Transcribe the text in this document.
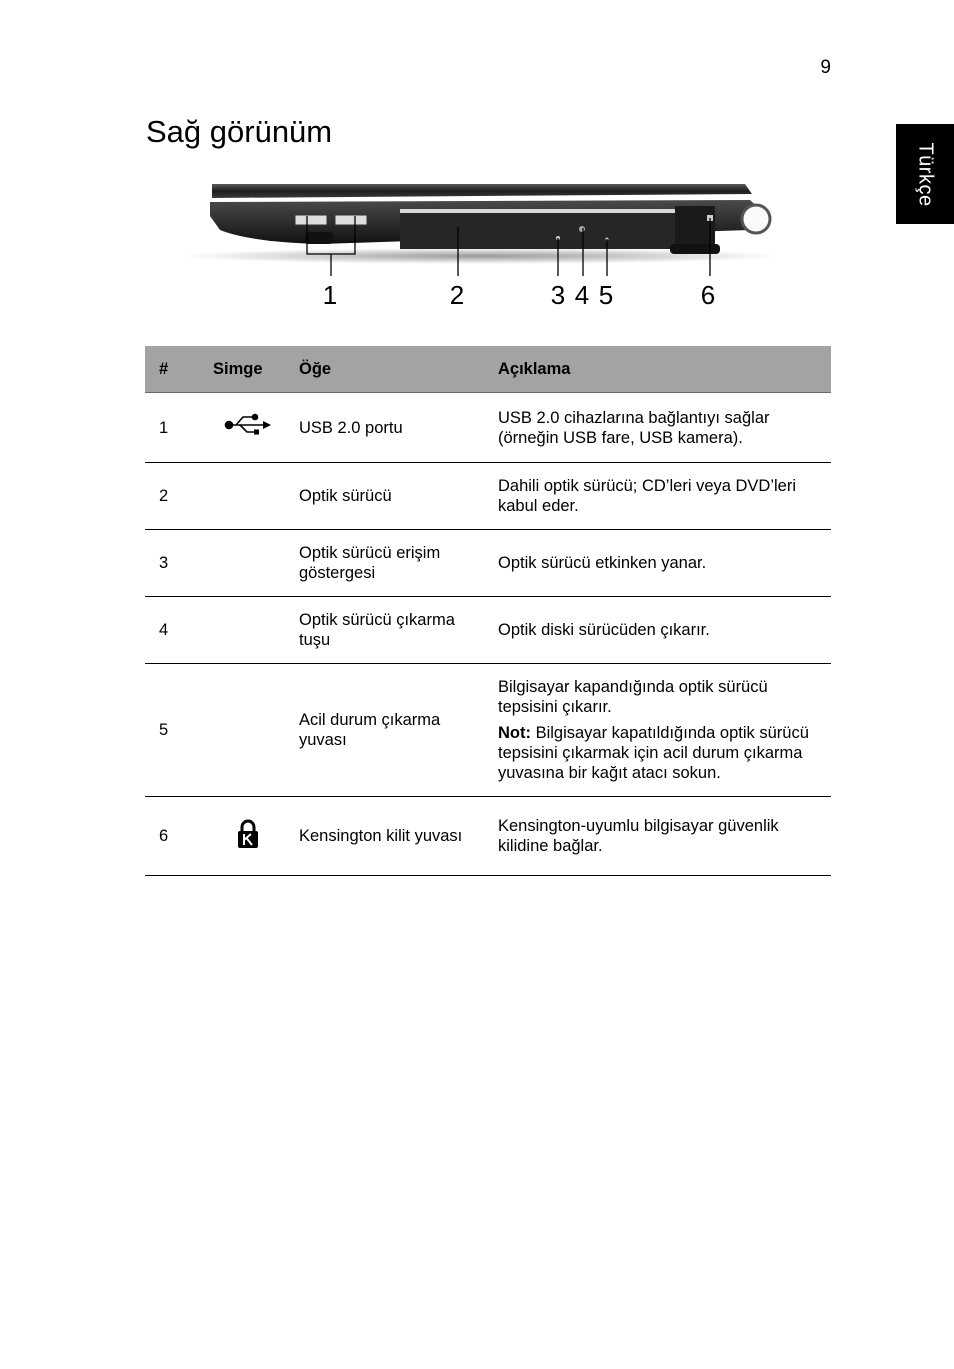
9
Türkçe
Sağ görünüm
1	2	3 4 5	6
#	Simge	Öğe	Açıklama
1		USB 2.0 portu	USB 2.0 cihazlarına bağlantıyı sağlar (örneğin USB fare, USB kamera).
2		Optik sürücü	Dahili optik sürücü; CD’leri veya DVD’leri kabul eder.
3		Optik sürücü erişim göstergesi	Optik sürücü etkinken yanar.
4		Optik sürücü çıkarma tuşu	Optik diski sürücüden çıkarır.
5		Acil durum çıkarma yuvası	Bilgisayar kapandığında optik sürücü tepsisini çıkarır.

Not: Bilgisayar kapatıldığında optik sürücü tepsisini çıkarmak için acil durum çıkarma yuvasına bir kağıt atacı sokun.

6		Kensington kilit yuvası	Kensington-uyumlu bilgisayar güvenlik kilidine bağlar.
